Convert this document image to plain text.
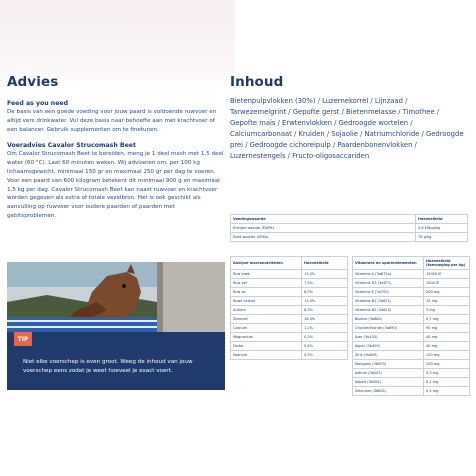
Advies
Feed as you need

De basis van een goede voeding voor jouw paard is voldoende ruwvoer en altijd vers drinkwater. Vul deze basis naar behoefte aan met krachtvoer of een balancer. Gebruik supplementen om te finetunen.

Voeradvies Cavalor Strucomash Beet

Om Cavalor Strucomash Beet te bereiden, meng je 1 deel mash met 1,5 deel water (60 °C). Laat 60 minuten weken. Wij adviseren om, per 100 kg lichaamsgewicht, minimaal 150 gr en maximaal 250 gr per dag te voeren. Voor een paard van 600 kilogram betekent dit minimaal 900 g en maximaal 1,5 kg per dag. Cavalor Strucomash Beet kan naast ruwvoer en krachtvoer worden gegeven als extra of totale vezelbron. Het is ook geschikt als aanvulling op ruwvoer voor oudere paarden of paarden met gebitsproblemen.

TIP
Niet elke voerschep is even groot. Weeg de inhoud van jouw voerschep eens zodat je weet hoeveel je exact voert.
Inhoud
Bietenpulpvlokken (30%) / Luzernekorrel / Lijnzaad / Tarwezemelgrint / Gepofte gerst / Bietenmelasse / Timothee / Gepofte maïs / Erwtenvlokken / Gedroogde wortelen / Calciumcarbonaat / Kruiden / Sojaolie / Natriumchloride / Gedroogde prei / Gedroogde cichoreipulp / Paardenbonenvlokken / Luzernestengels / Fructo-oligosaccariden
Voedingswaarde	Hoeveelheid
Energie waarde (EWPa)	0,8 EWpa/kg
Eiwit waarde (VREp)	78 g/kg
Analyse macronutriënten	Hoeveelheid
Ruw eiwit	13,0%
Ruw vet	7,5%
Ruw as	8,5%
Ruwe celstof	13,0%
Suikers	8,5%
Zetmeel	18,0%
Calcium	1,2%
Magnesium	0,2%
Fosfor	0,4%
Natrium	0,5%
Vitamines en sporenelementen	Hoeveelheid (toevoeging per kg)
Vitamine A (3a672a)	15000 IE
Vitamine D3 (3a671)	1500 IE
Vitamine E (3a700)	200 mg
Vitamine B1 (3a821)	15 mg
Vitamine B2 (3a825)	3 mg
Biotine (3a880)	0,7 mg
Cholinechloride (3a890)	90 mg
IJzer (3b103)	40 mg
Koper (3b405)	40 mg
Zink (3b605)	120 mg
Mangaan (3b503)	100 mg
Jodium (3b202)	0,3 mg
Kobalt (3b304)	0,1 mg
Selenium (3b801)	0,4 mg
